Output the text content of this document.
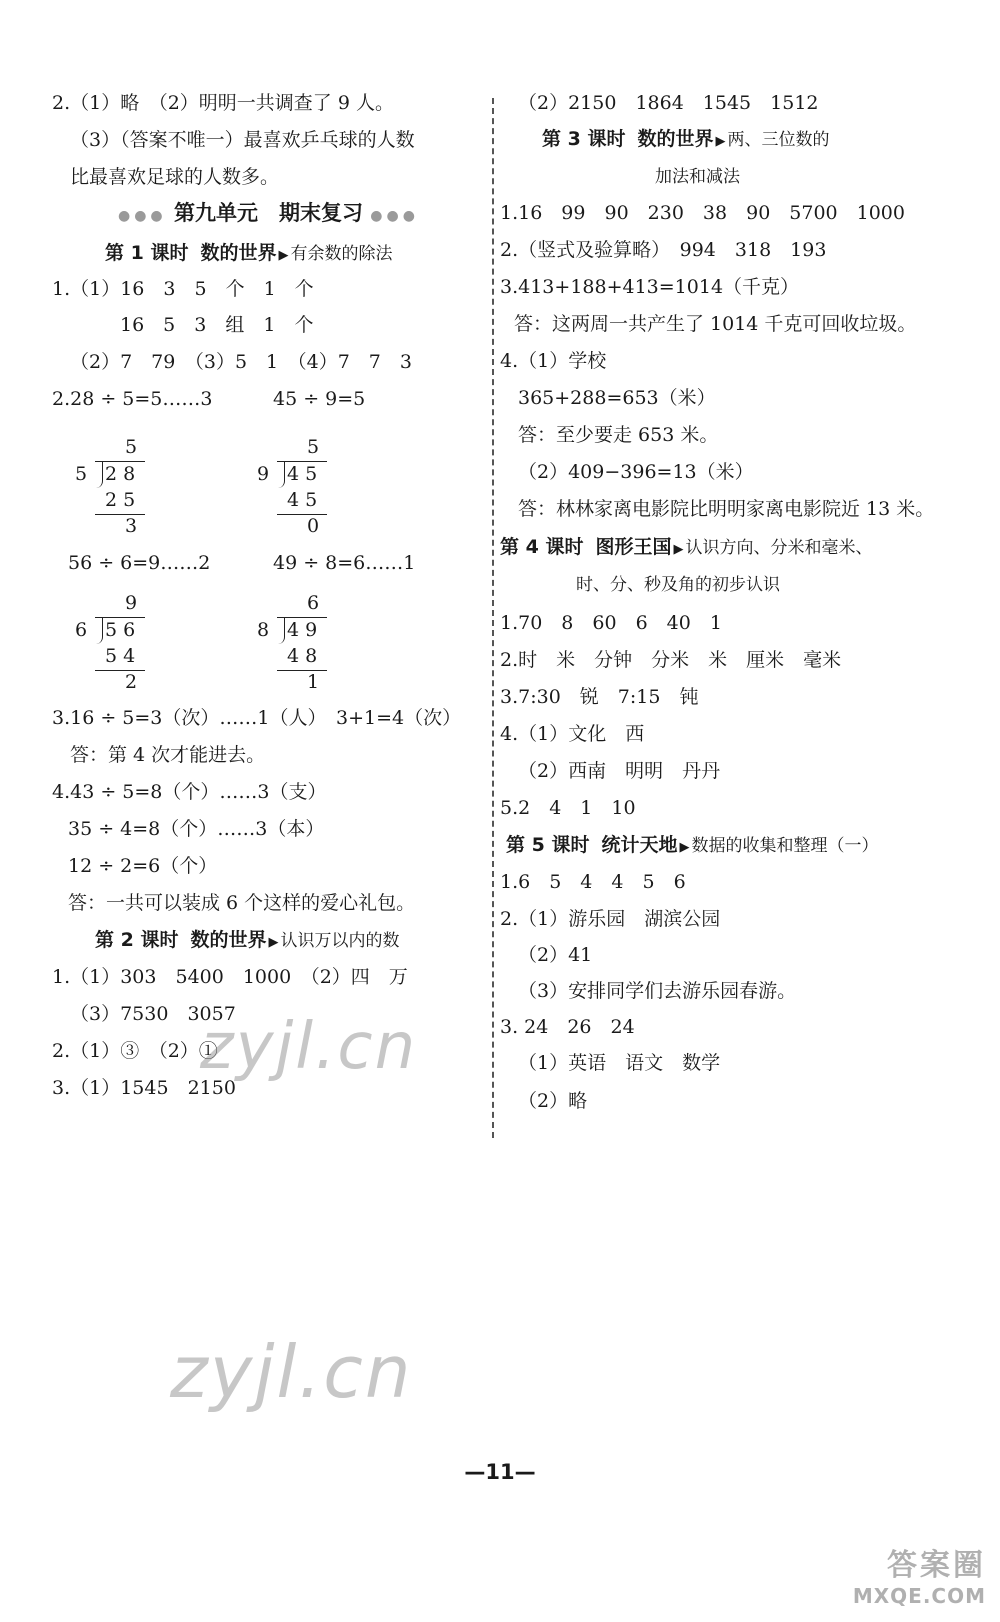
2.（1）略　（2）明明一共调查了 9 人。
（3）（答案不唯一）最喜欢乒乓球的人数
比最喜欢足球的人数多。
●●● 第九单元　期末复习 ●●●
第 1 课时 数的世界 ▶ 有余数的除法
1.（1）16　3　5　个　1　个
16　5　3　组　1　个
（2）7　79　（3）5　1　（4）7　7　3
2.28 ÷ 5=5……3	45 ÷ 9=5
5
5 2 8
2 5
3
5
9 4 5
4 5
0
56 ÷ 6=9……2	49 ÷ 8=6……1
9
6 5 6
5 4
2
6
8 4 9
4 8
1
3.16 ÷ 5=3（次）……1（人）　3+1=4（次）
答：第 4 次才能进去。
4.43 ÷ 5=8（个）……3（支）
35 ÷ 4=8（个）……3（本）
12 ÷ 2=6（个）
答：一共可以装成 6 个这样的爱心礼包。
第 2 课时 数的世界 ▶ 认识万以内的数
1.（1）303　5400　1000　（2）四　万
（3）7530　3057
2.（1）③　（2）①
3.（1）1545　2150
（2）2150　1864　1545　1512
第 3 课时 数的世界 ▶ 两、三位数的
加法和减法
1.16　99　90　230　38　90　5700　1000
2.（竖式及验算略）　994　318　193
3.413+188+413=1014（千克）
答：这两周一共产生了 1014 千克可回收垃圾。
4.（1）学校
365+288=653（米）
答：至少要走 653 米。
（2）409−396=13（米）
答：林林家离电影院比明明家离电影院近 13 米。
第 4 课时 图形王国 ▶ 认识方向、分米和毫米、
时、分、秒及角的初步认识
1.70　8　60　6　40　1
2.时　米　分钟　分米　米　厘米　毫米
3.7:30　锐　7:15　钝
4.（1）文化　西
（2）西南　明明　丹丹
5.2　4　1　10
第 5 课时 统计天地 ▶ 数据的收集和整理（一）
1.6　5　4　4　5　6
2.（1）游乐园　湖滨公园
（2）41
（3）安排同学们去游乐园春游。
3. 24　26　24
（1）英语　语文　数学
（2）略
zyjl.cn
zyjl.cn
—11—
答案圈
MXQE.COM
